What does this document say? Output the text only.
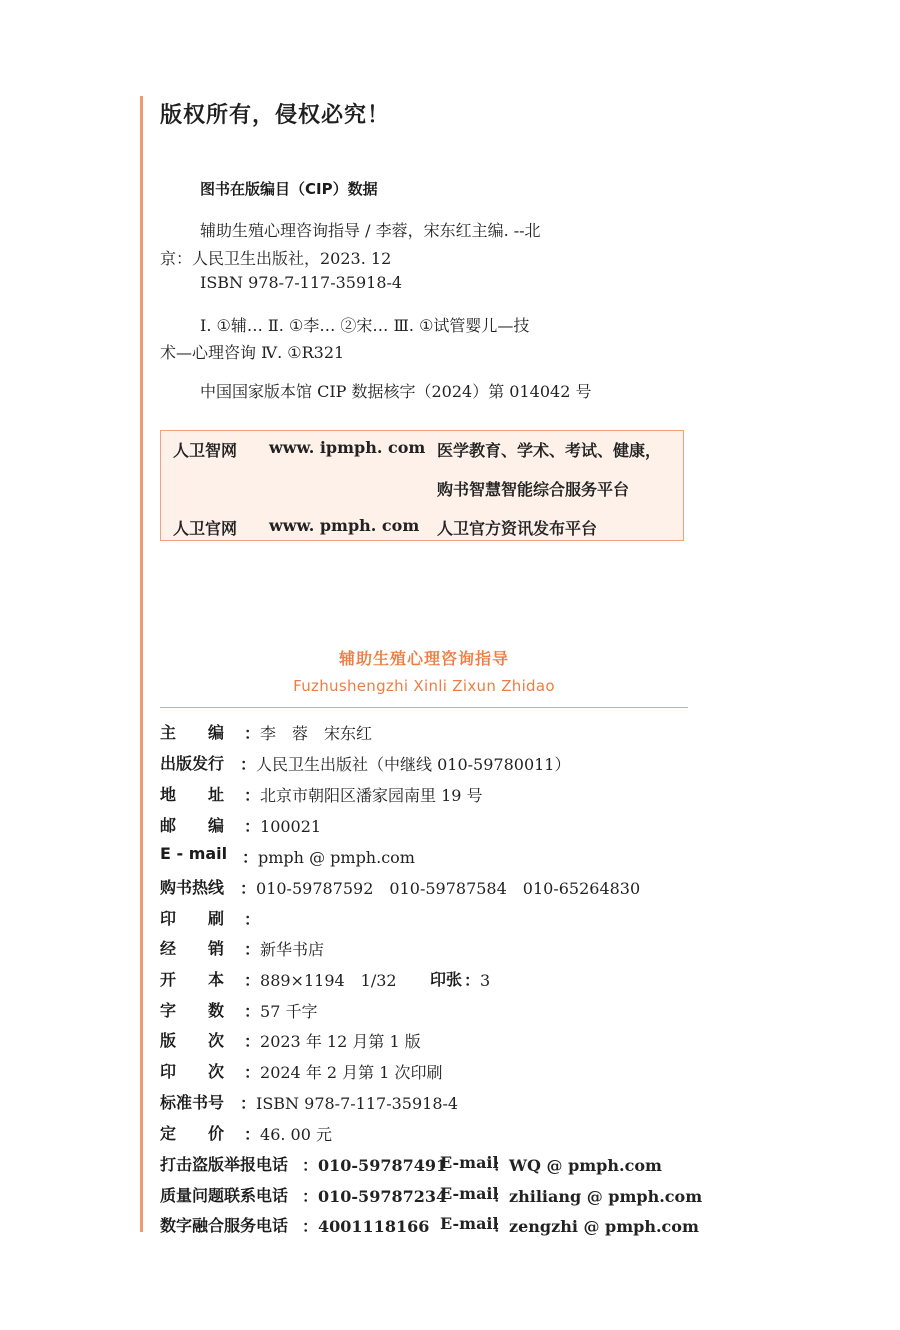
版权所有，侵权必究！
图书在版编目（CIP）数据
辅助生殖心理咨询指导 / 李蓉，宋东红主编. --北
京：人民卫生出版社，2023. 12
ISBN 978-7-117-35918-4
Ⅰ. ①辅… Ⅱ. ①李… ②宋… Ⅲ. ①试管婴儿—技
术—心理咨询 Ⅳ. ①R321
中国国家版本馆 CIP 数据核字（2024）第 014042 号
人卫智网 www. ipmph. com 医学教育、学术、考试、健康，
购书智慧智能综合服务平台
人卫官网 www. pmph. com 人卫官方资讯发布平台
辅助生殖心理咨询指导
Fuzhushengzhi Xinli Zixun Zhidao
主　　编 ：李　蓉　宋东红
出版发行 ：人民卫生出版社（中继线 010-59780011）
地　　址 ：北京市朝阳区潘家园南里 19 号
邮　　编 ：100021
E - mail ：pmph @ pmph.com
购书热线 ：010-59787592　010-59787584　010-65264830
印　　刷 ：
经　　销 ：新华书店
开　　本 ：889×1194　1/32 印张 ：3
字　　数 ：57 千字
版　　次 ：2023 年 12 月第 1 版
印　　次 ：2024 年 2 月第 1 次印刷
标准书号 ：ISBN 978-7-117-35918-4
定　　价 ：46. 00 元
打击盗版举报电话 ：010-59787491
E-mail
：WQ @ pmph.com
质量问题联系电话 ：010-59787234
E-mail
：zhiliang @ pmph.com
数字融合服务电话 ：4001118166 E-mail
：zengzhi @ pmph.com
